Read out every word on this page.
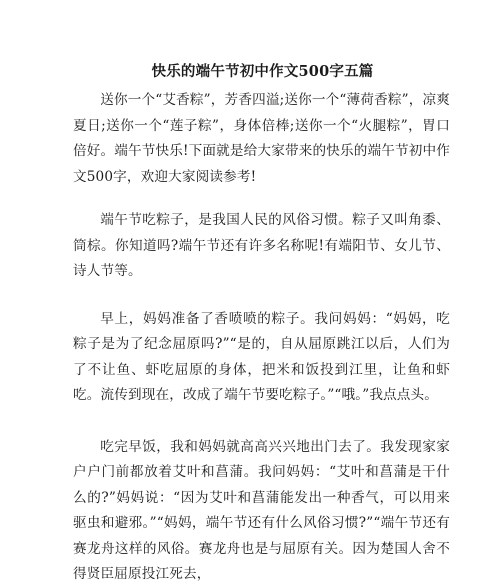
快乐的端午节初中作文500字五篇

送你一个“艾香粽”，芳香四溢;送你一个“薄荷香粽”，凉爽夏日;送你一个“莲子粽”，身体倍棒;送你一个“火腿粽”，胃口倍好。端午节快乐!下面就是给大家带来的快乐的端午节初中作文500字，欢迎大家阅读参考!

端午节吃粽子，是我国人民的风俗习惯。粽子又叫角黍、筒棕。你知道吗?端午节还有许多名称呢!有端阳节、女儿节、诗人节等。

早上，妈妈准备了香喷喷的粽子。我问妈妈：“妈妈，吃粽子是为了纪念屈原吗?”“是的，自从屈原跳江以后，人们为了不让鱼、虾吃屈原的身体，把米和饭投到江里，让鱼和虾吃。流传到现在，改成了端午节要吃粽子。”“哦。”我点点头。

吃完早饭，我和妈妈就高高兴兴地出门去了。我发现家家户户门前都放着艾叶和菖蒲。我问妈妈：“艾叶和菖蒲是干什么的?”妈妈说：“因为艾叶和菖蒲能发出一种香气，可以用来驱虫和避邪。”“妈妈，端午节还有什么风俗习惯?”“端午节还有赛龙舟这样的风俗。赛龙舟也是与屈原有关。因为楚国人舍不得贤臣屈原投江死去，
